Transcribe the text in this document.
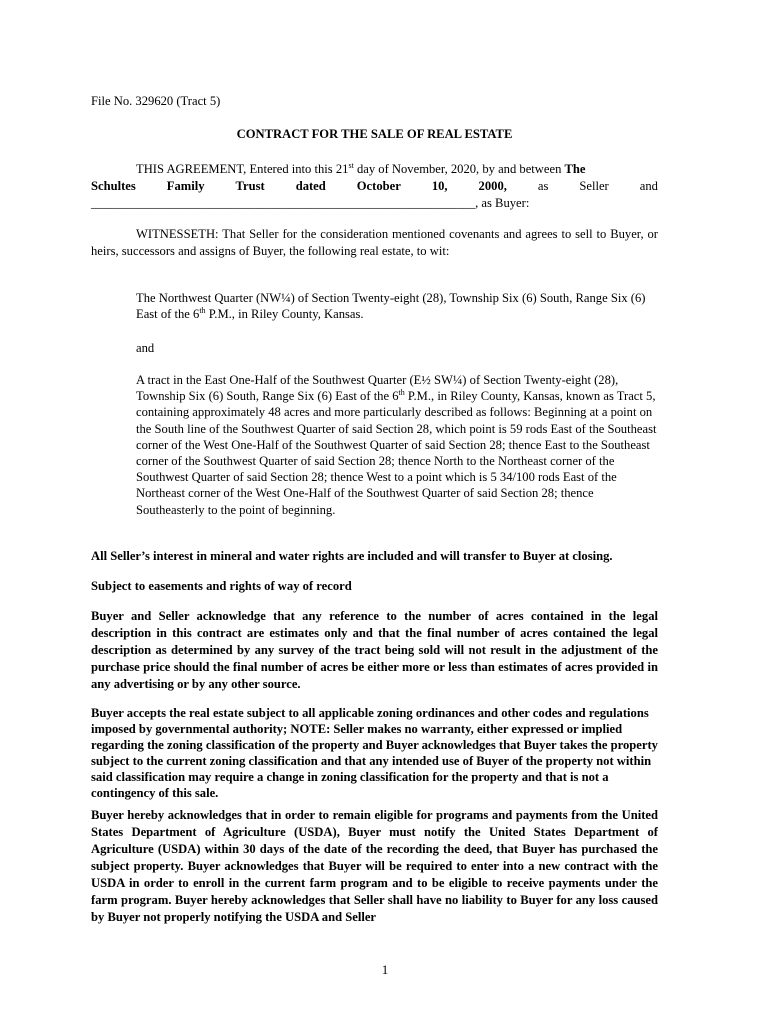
File No. 329620 (Tract 5)

CONTRACT FOR THE SALE OF REAL ESTATE

THIS AGREEMENT, Entered into this 21st day of November, 2020, by and between The
Schultes Family Trust dated October 10, 2000, as Seller and
_____________________________________________________________, as Buyer:

WITNESSETH: That Seller for the consideration mentioned covenants and agrees to sell to Buyer, or heirs, successors and assigns of Buyer, the following real estate, to wit:

The Northwest Quarter (NW¼) of Section Twenty-eight (28), Township Six (6) South, Range Six (6) East of the 6th P.M., in Riley County, Kansas.

and

A tract in the East One-Half of the Southwest Quarter (E½ SW¼) of Section Twenty-eight (28), Township Six (6) South, Range Six (6) East of the 6th P.M., in Riley County, Kansas, known as Tract 5, containing approximately 48 acres and more particularly described as follows: Beginning at a point on the South line of the Southwest Quarter of said Section 28, which point is 59 rods East of the Southeast corner of the West One-Half of the Southwest Quarter of said Section 28; thence East to the Southeast corner of the Southwest Quarter of said Section 28; thence North to the Northeast corner of the Southwest Quarter of said Section 28; thence West to a point which is 5 34/100 rods East of the Northeast corner of the West One-Half of the Southwest Quarter of said Section 28; thence Southeasterly to the point of beginning.

All Seller’s interest in mineral and water rights are included and will transfer to Buyer at closing.

Subject to easements and rights of way of record

Buyer and Seller acknowledge that any reference to the number of acres contained in the legal description in this contract are estimates only and that the final number of acres contained the legal description as determined by any survey of the tract being sold will not result in the adjustment of the purchase price should the final number of acres be either more or less than estimates of acres provided in any advertising or by any other source.

Buyer accepts the real estate subject to all applicable zoning ordinances and other codes and regulations imposed by governmental authority; NOTE: Seller makes no warranty, either expressed or implied regarding the zoning classification of the property and Buyer acknowledges that Buyer takes the property subject to the current zoning classification and that any intended use of Buyer of the property not within said classification may require a change in zoning classification for the property and that is not a contingency of this sale.

Buyer hereby acknowledges that in order to remain eligible for programs and payments from the United States Department of Agriculture (USDA), Buyer must notify the United States Department of Agriculture (USDA) within 30 days of the date of the recording the deed, that Buyer has purchased the subject property. Buyer acknowledges that Buyer will be required to enter into a new contract with the USDA in order to enroll in the current farm program and to be eligible to receive payments under the farm program. Buyer hereby acknowledges that Seller shall have no liability to Buyer for any loss caused by Buyer not properly notifying the USDA and Seller

1
